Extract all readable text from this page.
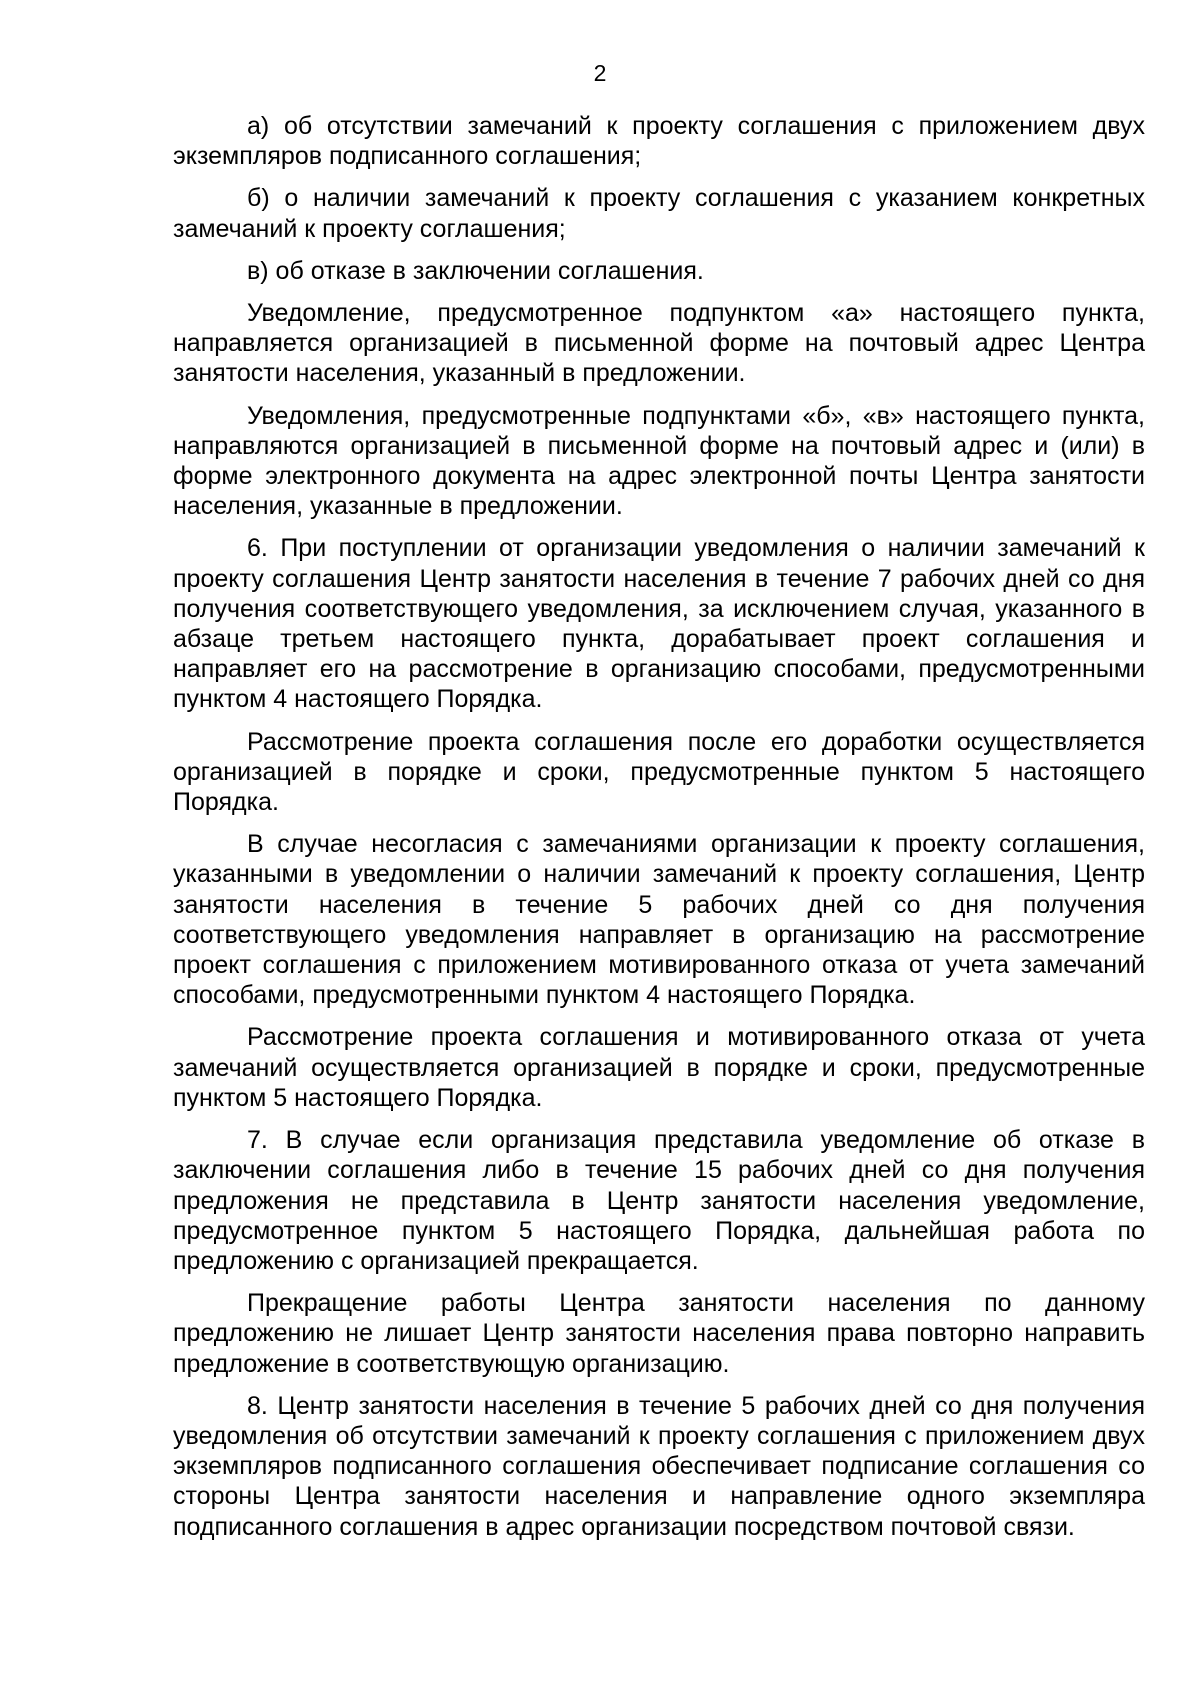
2

а) об отсутствии замечаний к проекту соглашения с приложением двух экземпляров подписанного соглашения;

б) о наличии замечаний к проекту соглашения с указанием конкретных замечаний к проекту соглашения;

в) об отказе в заключении соглашения.

Уведомление, предусмотренное подпунктом «а» настоящего пункта, направляется организацией в письменной форме на почтовый адрес Центра занятости населения, указанный в предложении.

Уведомления, предусмотренные подпунктами «б», «в» настоящего пункта, направляются организацией в письменной форме на почтовый адрес и (или) в форме электронного документа на адрес электронной почты Центра занятости населения, указанные в предложении.

6. При поступлении от организации уведомления о наличии замечаний к проекту соглашения Центр занятости населения в течение 7 рабочих дней со дня получения соответствующего уведомления, за исключением случая, указанного в абзаце третьем настоящего пункта, дорабатывает проект соглашения и направляет его на рассмотрение в организацию способами, предусмотренными пунктом 4 настоящего Порядка.

Рассмотрение проекта соглашения после его доработки осуществляется организацией в порядке и сроки, предусмотренные пунктом 5 настоящего Порядка.

В случае несогласия с замечаниями организации к проекту соглашения, указанными в уведомлении о наличии замечаний к проекту соглашения, Центр занятости населения в течение 5 рабочих дней со дня получения соответствующего уведомления направляет в организацию на рассмотрение проект соглашения с приложением мотивированного отказа от учета замечаний способами, предусмотренными пунктом 4 настоящего Порядка.

Рассмотрение проекта соглашения и мотивированного отказа от учета замечаний осуществляется организацией в порядке и сроки, предусмотренные пунктом 5 настоящего Порядка.

7. В случае если организация представила уведомление об отказе в заключении соглашения либо в течение 15 рабочих дней со дня получения предложения не представила в Центр занятости населения уведомление, предусмотренное пунктом 5 настоящего Порядка, дальнейшая работа по предложению с организацией прекращается.

Прекращение работы Центра занятости населения по данному предложению не лишает Центр занятости населения права повторно направить предложение в соответствующую организацию.

8. Центр занятости населения в течение 5 рабочих дней со дня получения уведомления об отсутствии замечаний к проекту соглашения с приложением двух экземпляров подписанного соглашения обеспечивает подписание соглашения со стороны Центра занятости населения и направление одного экземпляра подписанного соглашения в адрес организации посредством почтовой связи.
